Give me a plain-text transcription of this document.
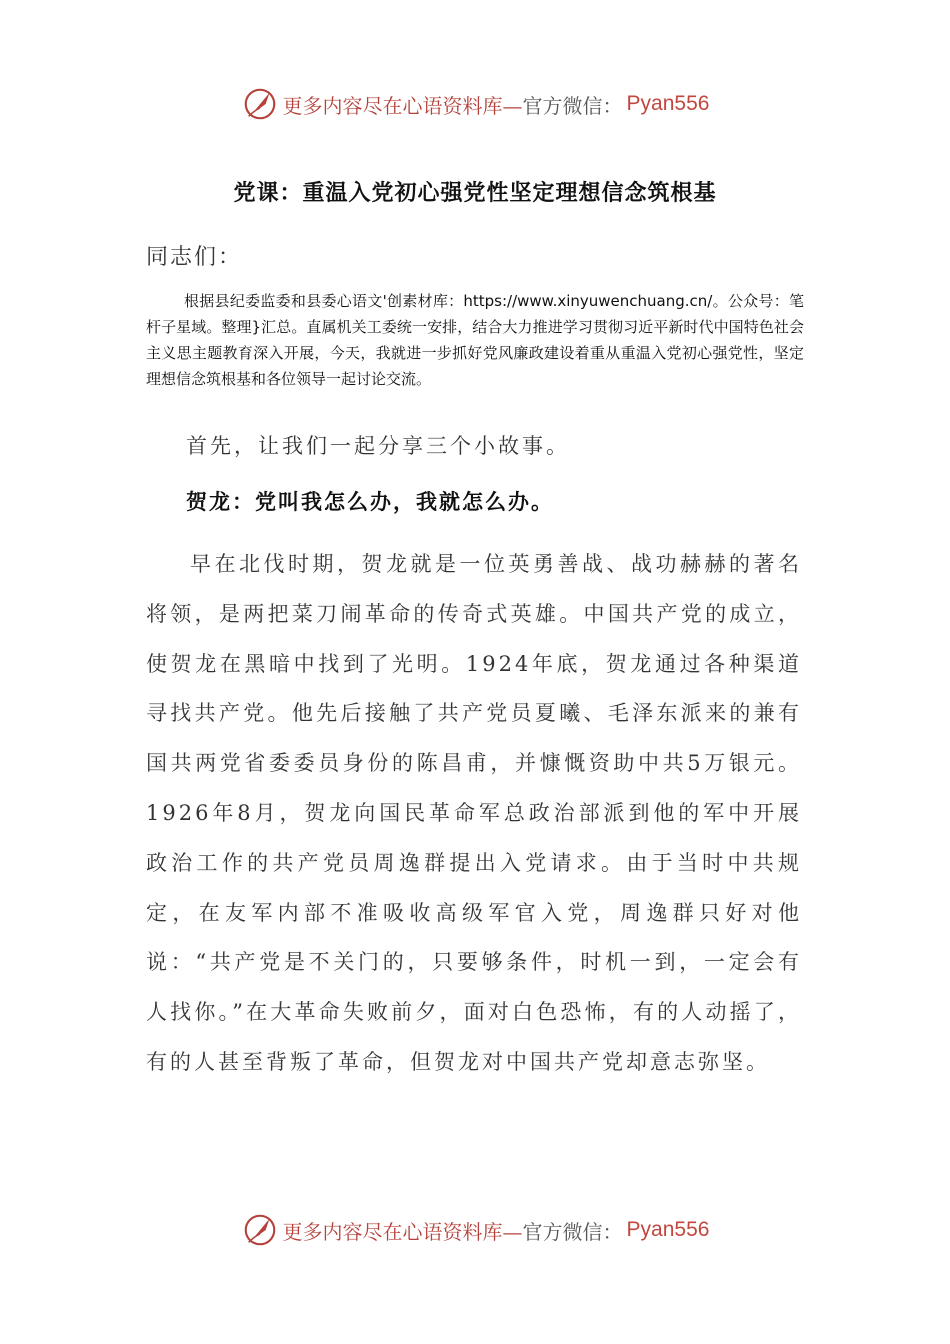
更多内容尽在心语资料库— 官方微信： Pyan556
党课：重温入党初心强党性坚定理想信念筑根基
同志们：
根据县纪委监委和县委心语文'创素材库：https://www.xinyuwenchuang.cn/。公众号：笔杆子星域。整理}汇总。直属机关工委统一安排，结合大力推进学习贯彻习近平新时代中国特色社会主义思主题教育深入开展，今天，我就进一步抓好党风廉政建设着重从重温入党初心强党性，坚定理想信念筑根基和各位领导一起讨论交流。
首先，让我们一起分享三个小故事。
贺龙：党叫我怎么办，我就怎么办。
早在北伐时期，贺龙就是一位英勇善战、战功赫赫的著名将领，是两把菜刀闹革命的传奇式英雄。中国共产党的成立，使贺龙在黑暗中找到了光明。1924年底，贺龙通过各种渠道寻找共产党。他先后接触了共产党员夏曦、毛泽东派来的兼有国共两党省委委员身份的陈昌甫，并慷慨资助中共5万银元。1926年8月，贺龙向国民革命军总政治部派到他的军中开展政治工作的共产党员周逸群提出入党请求。由于当时中共规定，在友军内部不准吸收高级军官入党，周逸群只好对他说：“共产党是不关门的，只要够条件，时机一到，一定会有人找你。”在大革命失败前夕，面对白色恐怖，有的人动摇了，有的人甚至背叛了革命，但贺龙对中国共产党却意志弥坚。
更多内容尽在心语资料库— 官方微信： Pyan556
